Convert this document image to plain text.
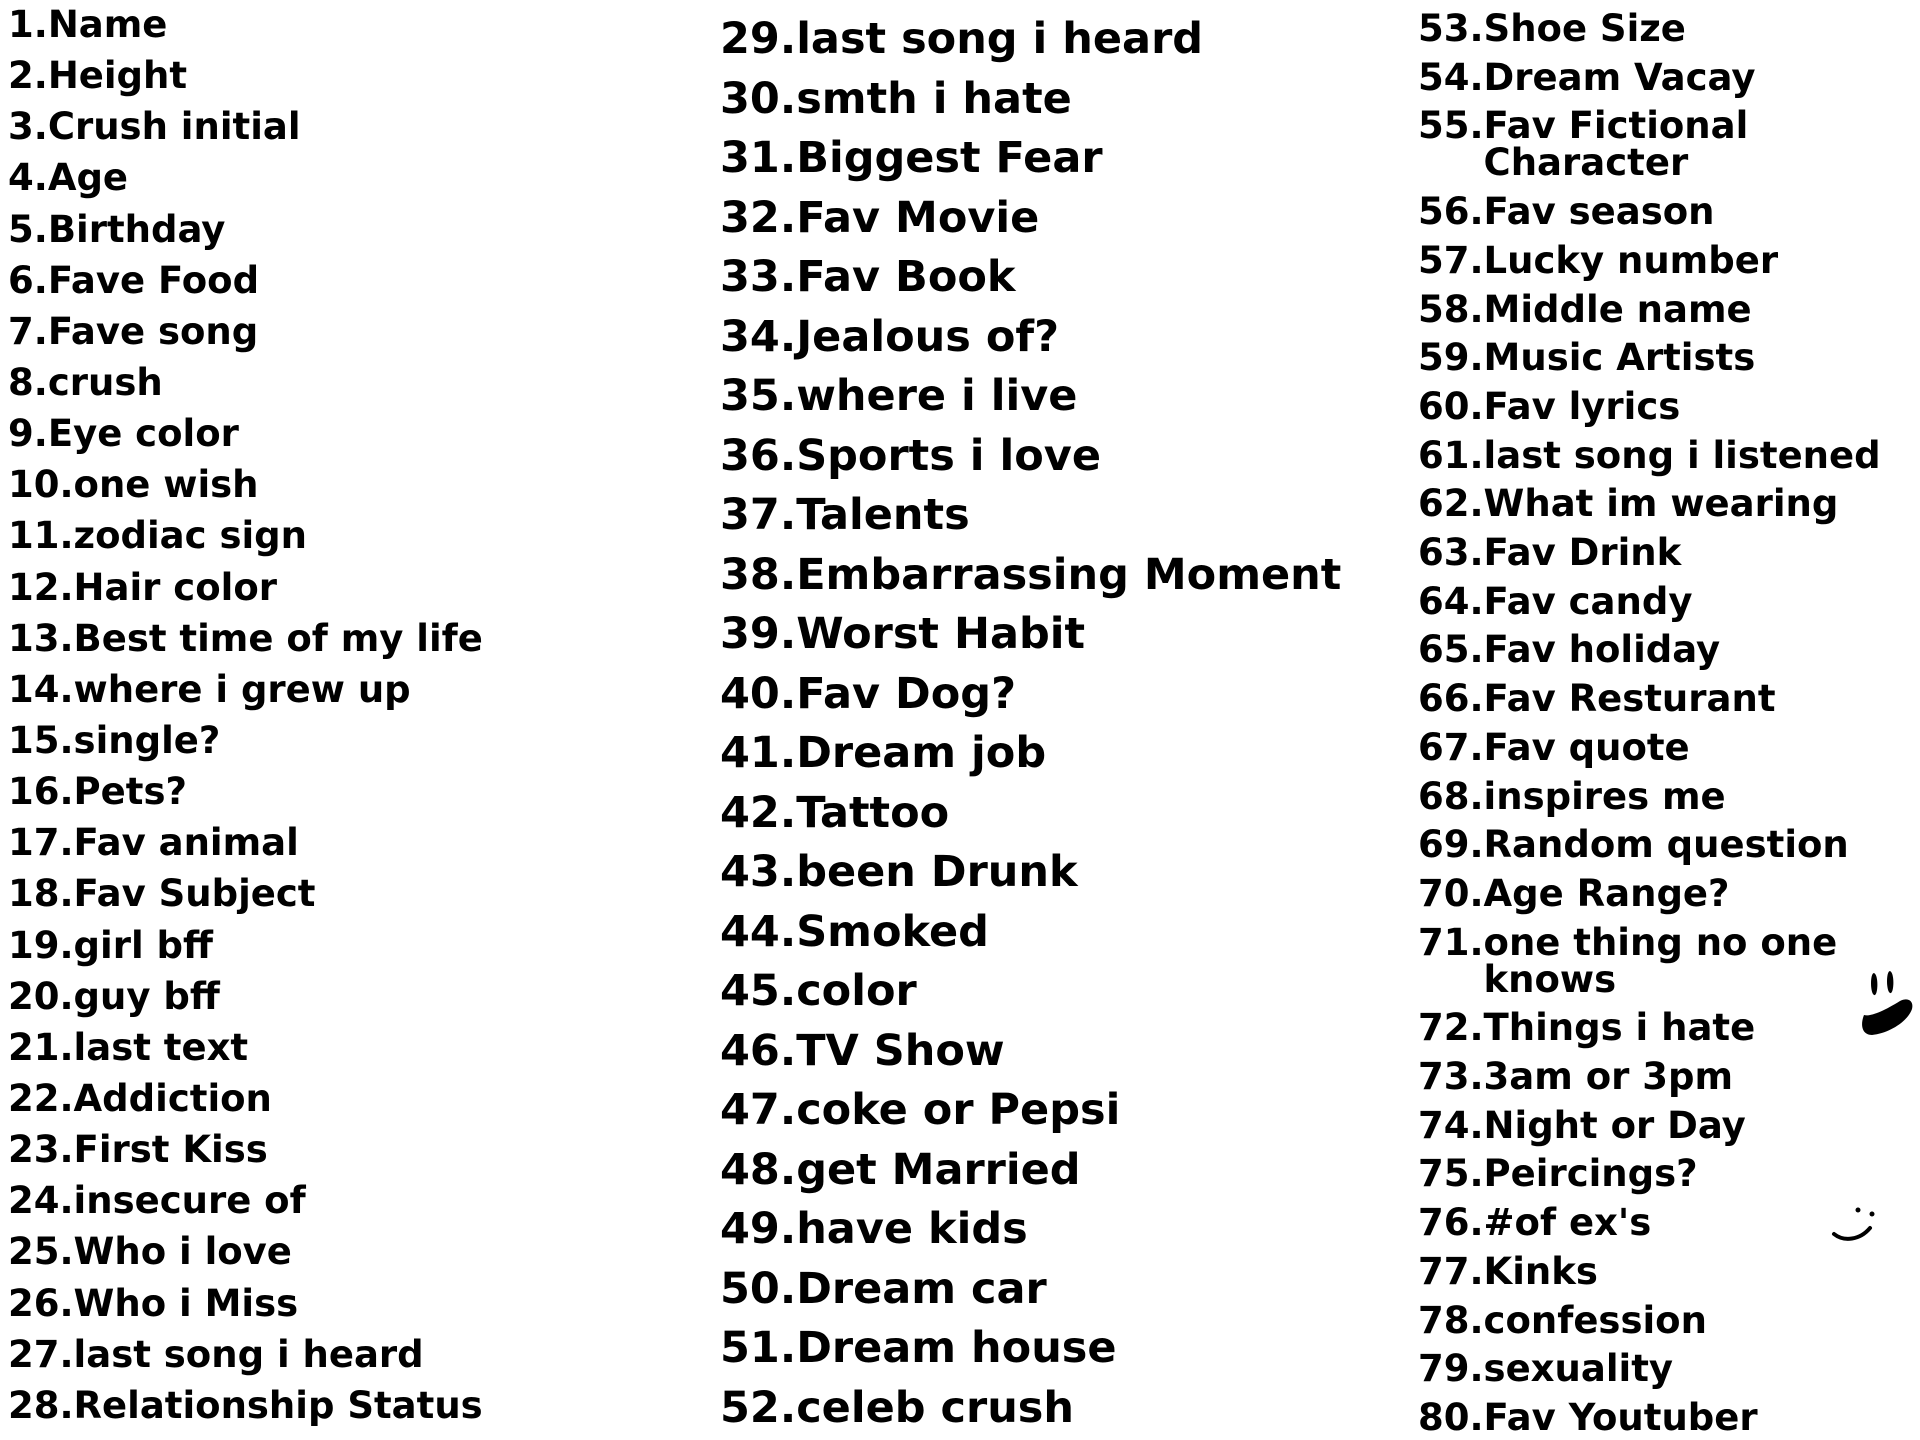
1. Name
2. Height
3. Crush initial
4. Age
5. Birthday
6. Fave Food
7. Fave song
8. crush
9. Eye color
10. one wish
11. zodiac sign
12. Hair color
13. Best time of my life
14. where i grew up
15. single?
16. Pets?
17. Fav animal
18. Fav Subject
19. girl bff
20. guy bff
21. last text
22. Addiction
23. First Kiss
24. insecure of
25. Who i love
26. Who i Miss
27. last song i heard
28. Relationship Status
29. last song i heard
30. smth i hate
31. Biggest Fear
32. Fav Movie
33. Fav Book
34. Jealous of?
35. where i live
36. Sports i love
37. Talents
38. Embarrassing Moment
39. Worst Habit
40. Fav Dog?
41. Dream job
42. Tattoo
43. been Drunk
44. Smoked
45. color
46. TV Show
47. coke or Pepsi
48. get Married
49. have kids
50. Dream car
51. Dream house
52. celeb crush
53. Shoe Size
54. Dream Vacay
55. Fav Fictional
Character
56. Fav season
57. Lucky number
58. Middle name
59. Music Artists
60. Fav lyrics
61. last song i listened
62. What im wearing
63. Fav Drink
64. Fav candy
65. Fav holiday
66. Fav Resturant
67. Fav quote
68. inspires me
69. Random question
70. Age Range?
71. one thing no one
knows
72. Things i hate
73. 3am or 3pm
74. Night or Day
75. Peircings?
76. #of ex's
77. Kinks
78. confession
79. sexuality
80. Fav Youtuber
